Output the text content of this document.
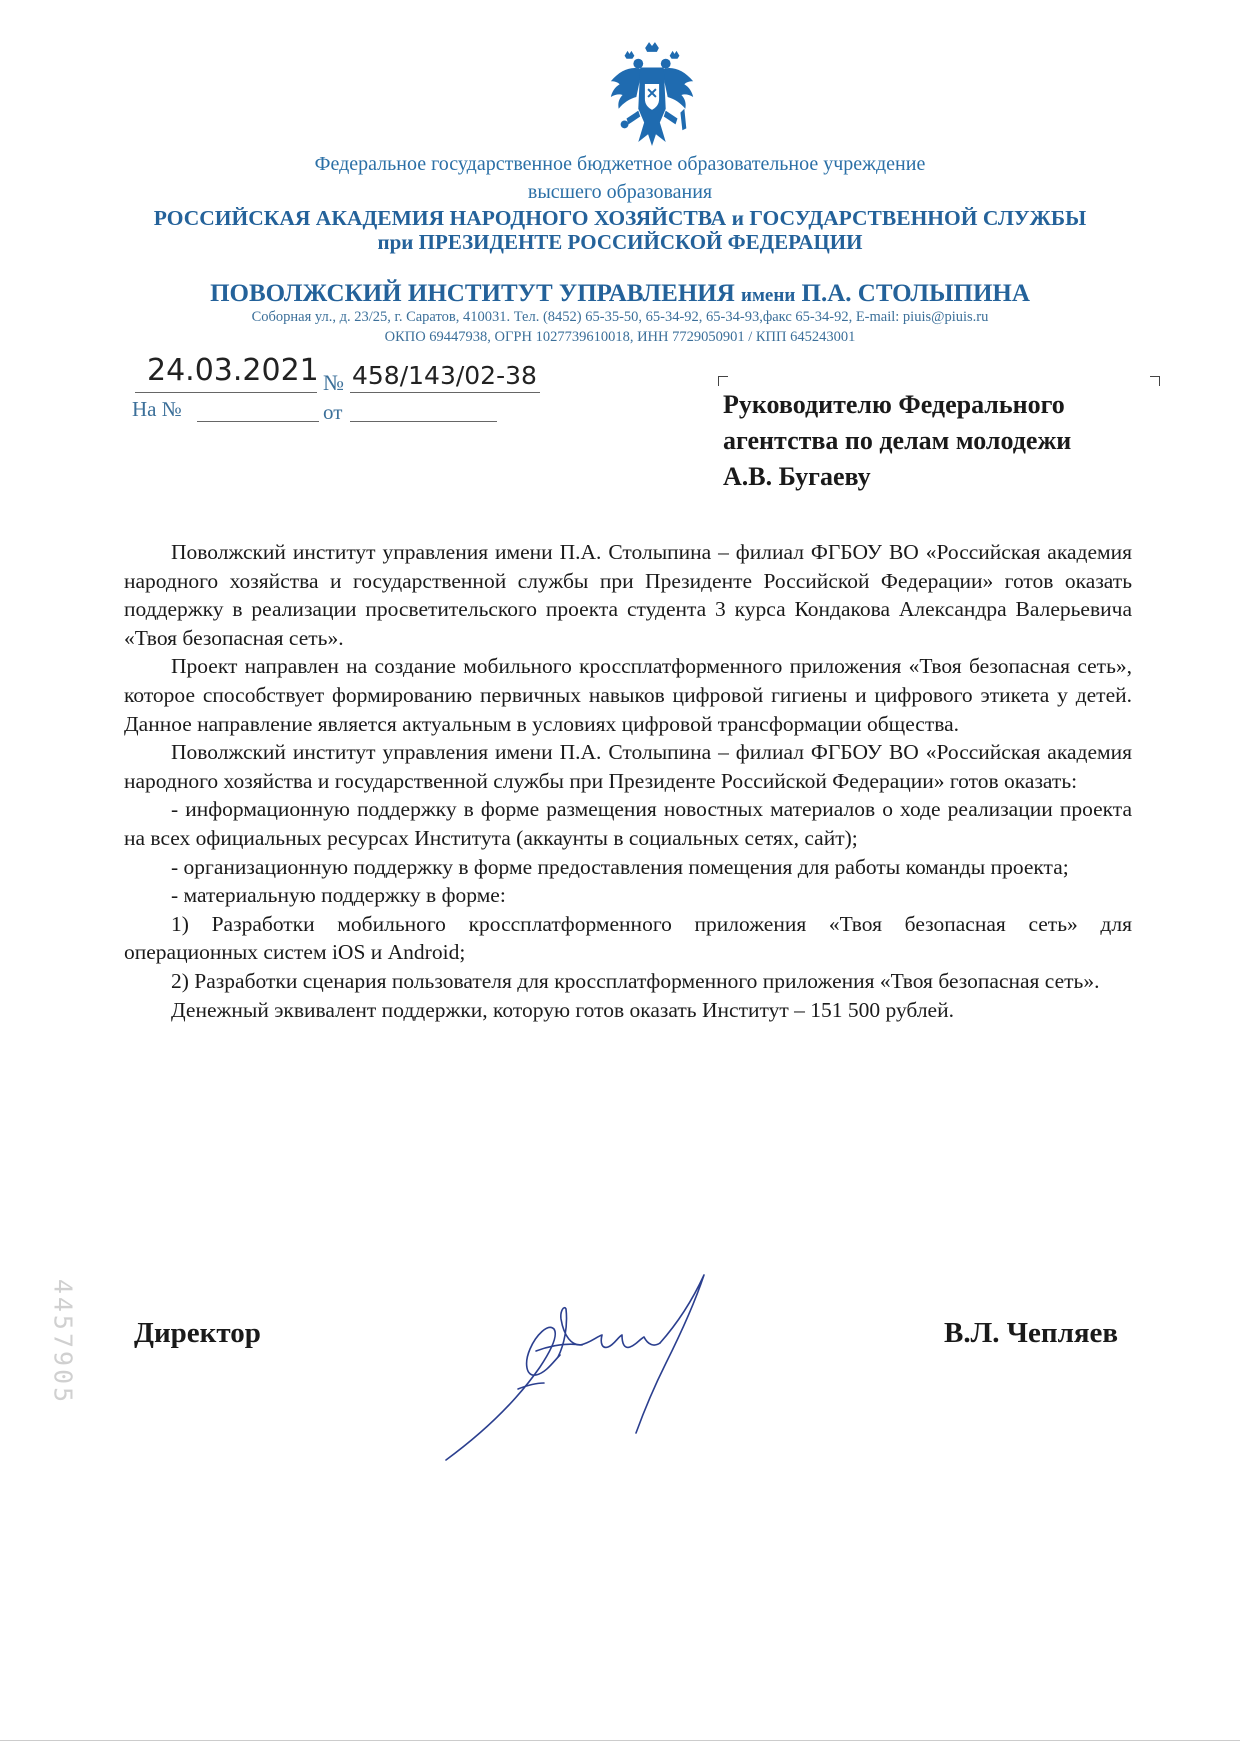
Федеральное государственное бюджетное образовательное учреждение
высшего образования
РОССИЙСКАЯ АКАДЕМИЯ НАРОДНОГО ХОЗЯЙСТВА и ГОСУДАРСТВЕННОЙ СЛУЖБЫ
при ПРЕЗИДЕНТЕ РОССИЙСКОЙ ФЕДЕРАЦИИ
ПОВОЛЖСКИЙ ИНСТИТУТ УПРАВЛЕНИЯ имени П.А. СТОЛЫПИНА
Соборная ул., д. 23/25, г. Саратов, 410031. Тел. (8452) 65-35-50, 65-34-92, 65-34-93,факс 65-34-92, E-mail: piuis@piuis.ru
ОКПО 69447938, ОГРН 1027739610018, ИНН 7729050901 / КПП 645243001
24.03.2021 № 458/143/02-38
На №	от	Руководителю Федерального
агентства по делам молодежи
А.В. Бугаеву

Поволжский институт управления имени П.А. Столыпина – филиал ФГБОУ ВО «Российская академия народного хозяйства и государственной службы при Президенте Российской Федерации» готов оказать поддержку в реализации просветительского проекта студента 3 курса Кондакова Александра Валерьевича «Твоя безопасная сеть».

Проект направлен на создание мобильного кроссплатформенного приложения «Твоя безопасная сеть», которое способствует формированию первичных навыков цифровой гигиены и цифрового этикета у детей. Данное направление является актуальным в условиях цифровой трансформации общества.

Поволжский институт управления имени П.А. Столыпина – филиал ФГБОУ ВО «Российская академия народного хозяйства и государственной службы при Президенте Российской Федерации» готов оказать:

- информационную поддержку в форме размещения новостных материалов о ходе реализации проекта на всех официальных ресурсах Института (аккаунты в социальных сетях, сайт);

- организационную поддержку в форме предоставления помещения для работы команды проекта;

- материальную поддержку в форме:

1) Разработки мобильного кроссплатформенного приложения «Твоя безопасная сеть» для операционных систем iOS и Android;

2) Разработки сценария пользователя для кроссплатформенного приложения «Твоя безопасная сеть».

Денежный эквивалент поддержки, которую готов оказать Институт – 151 500 рублей.

Директор	В.Л. Чепляев
4457905
